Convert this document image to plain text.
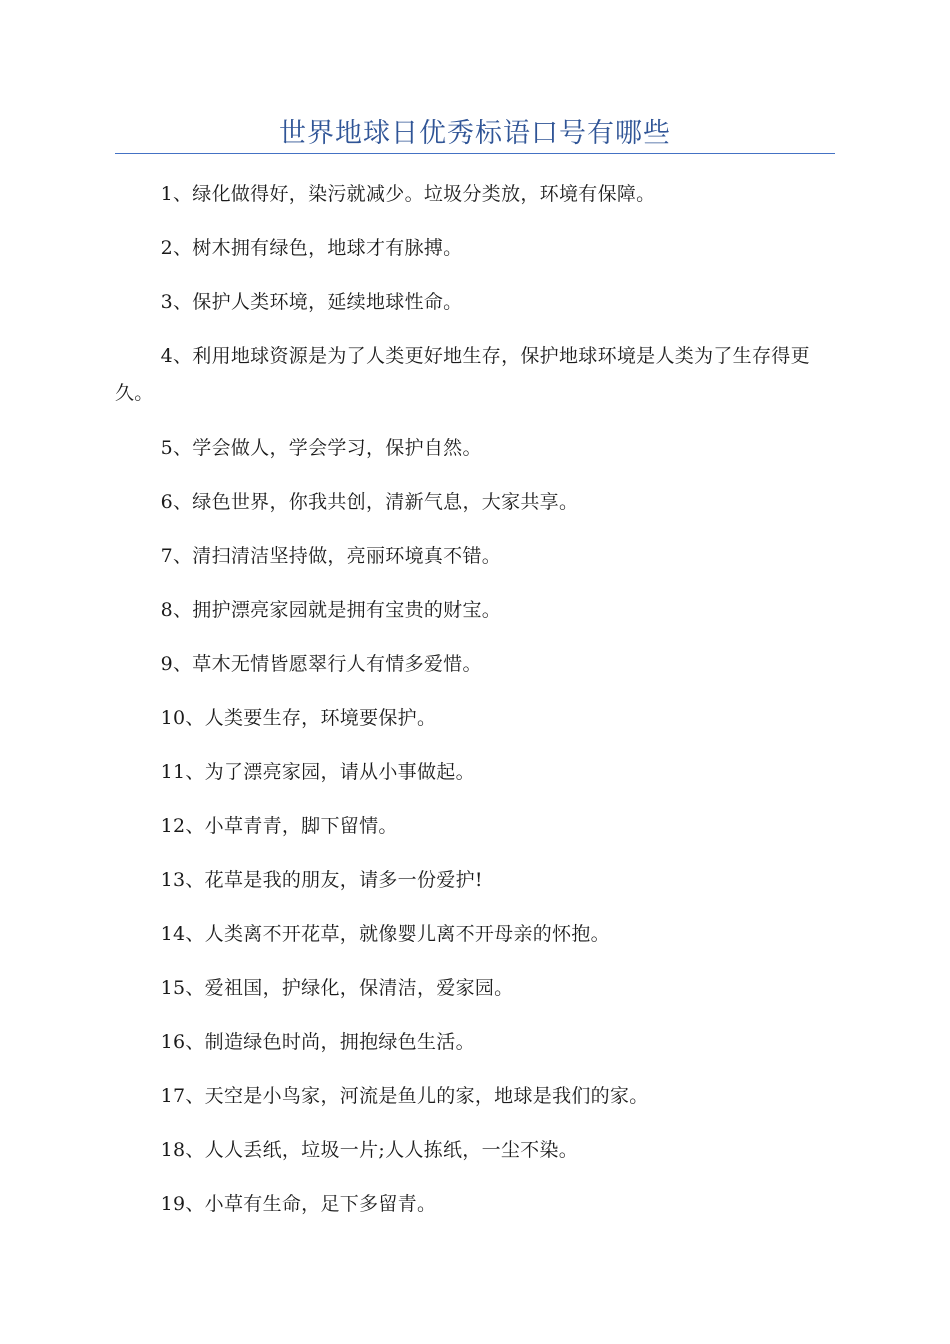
世界地球日优秀标语口号有哪些
1、绿化做得好，染污就减少。垃圾分类放，环境有保障。
2、树木拥有绿色，地球才有脉搏。
3、保护人类环境，延续地球性命。
4、利用地球资源是为了人类更好地生存，保护地球环境是人类为了生存得更久。
5、学会做人，学会学习，保护自然。
6、绿色世界，你我共创，清新气息，大家共享。
7、清扫清洁坚持做，亮丽环境真不错。
8、拥护漂亮家园就是拥有宝贵的财宝。
9、草木无情皆愿翠行人有情多爱惜。
10、人类要生存，环境要保护。
11、为了漂亮家园，请从小事做起。
12、小草青青，脚下留情。
13、花草是我的朋友，请多一份爱护!
14、人类离不开花草，就像婴儿离不开母亲的怀抱。
15、爱祖国，护绿化，保清洁，爱家园。
16、制造绿色时尚，拥抱绿色生活。
17、天空是小鸟家，河流是鱼儿的家，地球是我们的家。
18、人人丢纸，垃圾一片;人人拣纸，一尘不染。
19、小草有生命，足下多留青。
